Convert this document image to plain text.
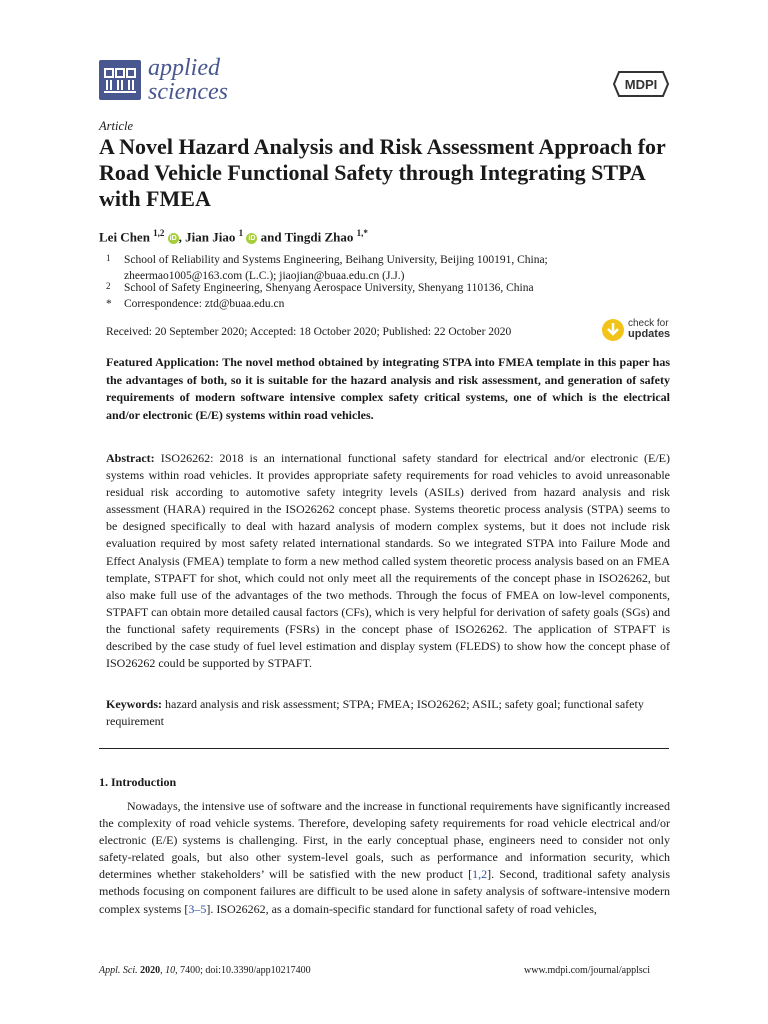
applied
sciences	MDPI
Article
A Novel Hazard Analysis and Risk Assessment Approach for Road Vehicle Functional Safety through Integrating STPA with FMEA
Lei Chen $^{1,2}$ iD , Jian Jiao $^1$ iD and Tingdi Zhao $^{1,*}$
$^1$ School of Reliability and Systems Engineering, Beihang University, Beijing 100191, China;
zheermao1005@163.com (L.C.); jiaojian@buaa.edu.cn (J.J.)
$^2$ School of Safety Engineering, Shenyang Aerospace University, Shenyang 110136, China
* Correspondence: ztd@buaa.edu.cn
Received: 20 September 2020; Accepted: 18 October 2020; Published: 22 October 2020
check for
updates
Featured Application: The novel method obtained by integrating STPA into FMEA template in this paper has the advantages of both, so it is suitable for the hazard analysis and risk assessment, and generation of safety requirements of modern software intensive complex safety critical systems, one of which is the electrical and/or electronic (E/E) systems within road vehicles.
Abstract: ISO26262: 2018 is an international functional safety standard for electrical and/or electronic (E/E) systems within road vehicles. It provides appropriate safety requirements for road vehicles to avoid unreasonable residual risk according to automotive safety integrity levels (ASILs) derived from hazard analysis and risk assessment (HARA) required in the ISO26262 concept phase. Systems theoretic process analysis (STPA) seems to be designed specifically to deal with hazard analysis of modern complex systems, but it does not include risk evaluation required by most safety related international standards. So we integrated STPA into Failure Mode and Effect Analysis (FMEA) template to form a new method called system theoretic process analysis based on an FMEA template, STPAFT for shot, which could not only meet all the requirements of the concept phase in ISO26262, but also make full use of the advantages of the two methods. Through the focus of FMEA on low-level components, STPAFT can obtain more detailed causal factors (CFs), which is very helpful for derivation of safety goals (SGs) and the functional safety requirements (FSRs) in the concept phase of ISO26262. The application of STPAFT is described by the case study of fuel level estimation and display system (FLEDS) to show how the concept phase of ISO26262 could be supported by STPAFT.
Keywords: hazard analysis and risk assessment; STPA; FMEA; ISO26262; ASIL; safety goal; functional safety requirement
1. Introduction
Nowadays, the intensive use of software and the increase in functional requirements have significantly increased the complexity of road vehicle systems. Therefore, developing safety requirements for road vehicle electrical and/or electronic (E/E) systems is challenging. First, in the early conceptual phase, engineers need to consider not only safety-related goals, but also other system-level goals, such as performance and information security, which determines whether stakeholders’ will be satisfied with the new product [1,2]. Second, traditional safety analysis methods focusing on component failures are difficult to be used alone in safety analysis of software-intensive modern complex systems [3–5]. ISO26262, as a domain-specific standard for functional safety of road vehicles,
Appl. Sci. 2020, 10, 7400; doi:10.3390/app10217400	www.mdpi.com/journal/applsci
